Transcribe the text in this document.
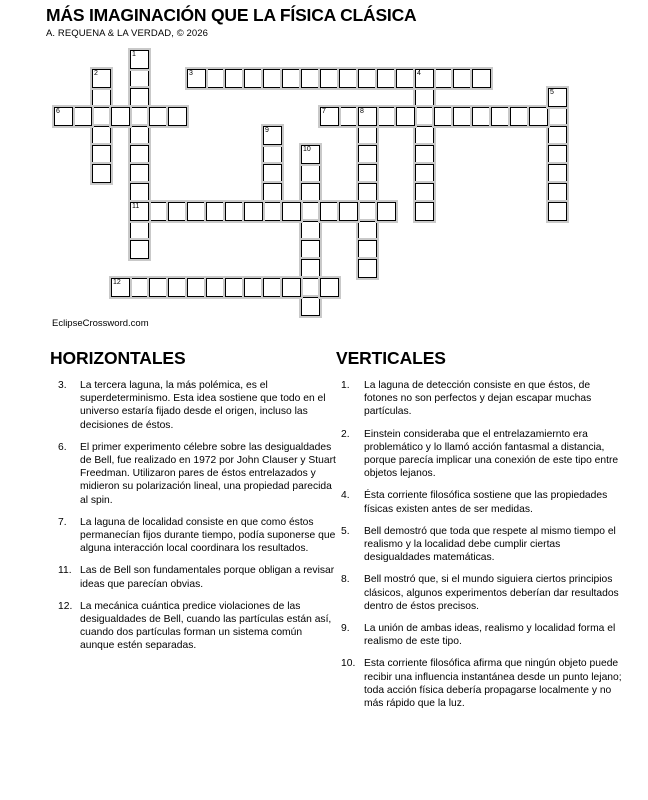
MÁS IMAGINACIÓN QUE LA FÍSICA CLÁSICA
A. REQUENA & LA VERDAD, © 2026
1
11
2	3	4
5
6	7	8
9
10
12
EclipseCrossword.com
HORIZONTALES
3.	La tercera laguna, la más polémica, es el superdeterminismo. Esta idea sostiene que todo en el universo estaría fijado desde el origen, incluso las decisiones de éstos.
6.	El primer experimento célebre sobre las desigualdades de Bell, fue realizado en 1972 por John Clauser y Stuart Freedman. Utilizaron pares de éstos entrelazados y midieron su polarización lineal, una propiedad parecida al spin.
7.	La laguna de localidad consiste en que como éstos permanecían fijos durante tiempo, podía suponerse que alguna interacción local coordinara los resultados.
11. Las de Bell son fundamentales porque obligan a revisar ideas que parecían obvias.
12. La mecánica cuántica predice violaciones de las desigualdades de Bell, cuando las partículas están así, cuando dos partículas forman un sistema común aunque estén separadas.
VERTICALES
1.	La laguna de detección consiste en que éstos, de fotones no son perfectos y dejan escapar muchas partículas.
2.	Einstein consideraba que el entrelazamiernto era problemático y lo llamó acción fantasmal a distancia, porque parecía implicar una conexión de este tipo entre objetos lejanos.
4.	Ésta corriente filosófica sostiene que las propiedades físicas existen antes de ser medidas.
5.	Bell demostró que toda que respete al mismo tiempo el realismo y la localidad debe cumplir ciertas desigualdades matemáticas.
8.	Bell mostró que, si el mundo siguiera ciertos principios clásicos, algunos experimentos deberían dar resultados dentro de éstos precisos.
9.	La unión de ambas ideas, realismo y localidad forma el realismo de este tipo.
10. Esta corriente filosófica afirma que ningún objeto puede recibir una influencia instantánea desde un punto lejano; toda acción física debería propagarse localmente y no más rápido que la luz.
